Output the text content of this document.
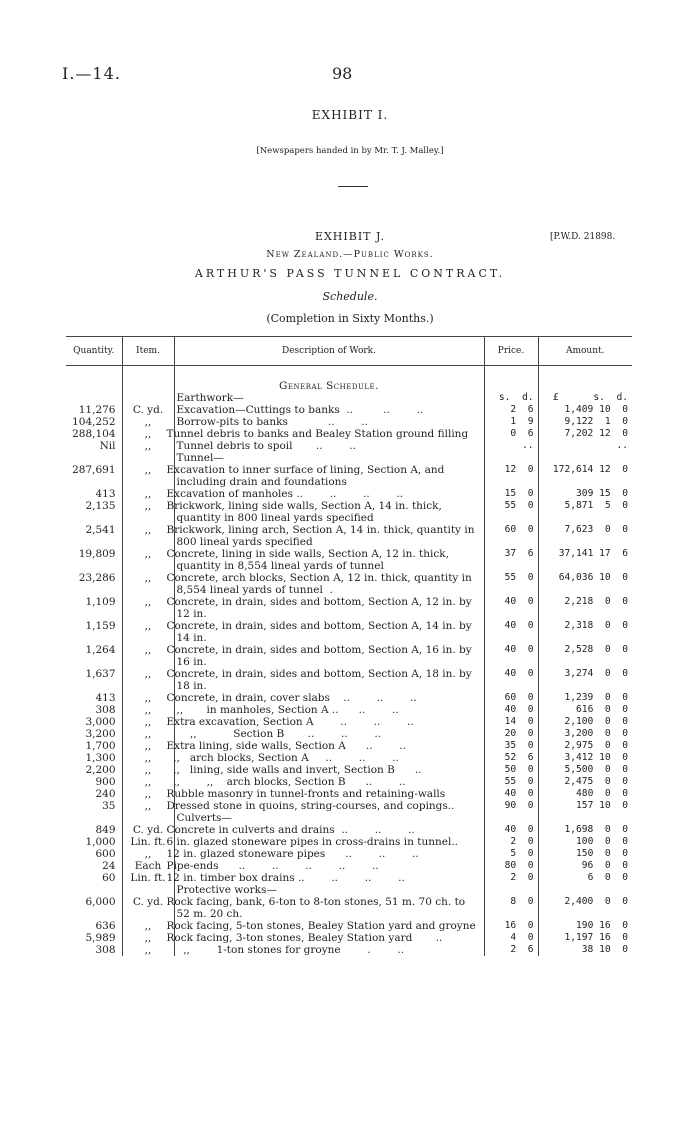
I.—14.	98
EXHIBIT I.
[Newspapers handed in by Mr. T. J. Malley.]
EXHIBIT J.	[P.W.D. 21898.
New Zealand.—Public Works.
ARTHUR'S PASS TUNNEL CONTRACT.
Schedule.
(Completion in Sixty Months.)
Quantity.	Item.	Description of Work.	Price.	Amount.

		General Schedule.		
		Earthwork—	s.  d.	£      s.  d.
11,276	C. yd.	Excavation—Cuttings to banks  ..         ..        ..	2  6	1,409 10  0
104,252	,,	Borrow-pits to banks            ..        ..	1  9	9,122  1  0
288,104	,,	Tunnel debris to banks and Bealey Station ground filling	0  6	7,202 12  0
Nil	,,	Tunnel debris to spoil       ..        ..	..	..
		Tunnel—		
287,691	,,	Excavation to inner surface of lining, Section A, and including drain and foundations	12  0	172,614 12  0
413	,,	Excavation of manholes ..        ..        ..        ..	15  0	309 15  0
2,135	,,	Brickwork, lining side walls, Section A, 14 in. thick, quantity in 800 lineal yards specified	55  0	5,871  5  0
2,541	,,	Brickwork, lining arch, Section A, 14 in. thick, quantity in 800 lineal yards specified	60  0	7,623  0  0
19,809	,,	Concrete, lining in side walls, Section A, 12 in. thick, quantity in 8,554 lineal yards of tunnel	37  6	37,141 17  6
23,286	,,	Concrete, arch blocks, Section A, 12 in. thick, quantity in 8,554 lineal yards of tunnel  .	55  0	64,036 10  0
1,109	,,	Concrete, in drain, sides and bottom, Section A, 12 in. by 12 in.	40  0	2,218  0  0
1,159	,,	Concrete, in drain, sides and bottom, Section A, 14 in. by 14 in.	40  0	2,318  0  0
1,264	,,	Concrete, in drain, sides and bottom, Section A, 16 in. by 16 in.	40  0	2,528  0  0
1,637	,,	Concrete, in drain, sides and bottom, Section A, 18 in. by 18 in.	40  0	3,274  0  0
413	,,	Concrete, in drain, cover slabs    ..        ..        ..	60  0	1,239  0  0
308	,,	,,       in manholes, Section A ..      ..        ..	40  0	616  0  0
3,000	,,	Extra excavation, Section A        ..        ..        ..	14  0	2,100  0  0
3,200	,,	,,           Section B       ..        ..        ..	20  0	3,200  0  0
1,700	,,	Extra lining, side walls, Section A      ..        ..	35  0	2,975  0  0
1,300	,,	,,   arch blocks, Section A     ..        ..        ..	52  6	3,412 10  0
2,200	,,	,,   lining, side walls and invert, Section B      ..	50  0	5,500  0  0
900	,,	,,        ,,    arch blocks, Section B      ..        ..	55  0	2,475  0  0
240	,,	Rubble masonry in tunnel-fronts and retaining-walls	40  0	480  0  0
35	,,	Dressed stone in quoins, string-courses, and copings..	90  0	157 10  0
		Culverts—		
849	C. yd.	Concrete in culverts and drains  ..        ..        ..	40  0	1,698  0  0
1,000	Lin. ft.	6 in. glazed stoneware pipes in cross-drains in tunnel..	2  0	100  0  0
600	,,	12 in. glazed stoneware pipes      ..        ..        ..	5  0	150  0  0
24	Each	Pipe-ends      ..        ..        ..        ..        ..	80  0	96  0  0
60	Lin. ft.	12 in. timber box drains ..        ..        ..        ..	2  0	6  0  0
		Protective works—		
6,000	C. yd.	Rock facing, bank, 6-ton to 8-ton stones, 51 m. 70 ch. to 52 m. 20 ch.	8  0	2,400  0  0
636	,,	Rock facing, 5-ton stones, Bealey Station yard and groyne	16  0	190 16  0
5,989	,,	Rock facing, 3-ton stones, Bealey Station yard       ..	4  0	1,197 16  0
308	,,	,,        1-ton stones for groyne        .        ..	2  6	38 10  0
